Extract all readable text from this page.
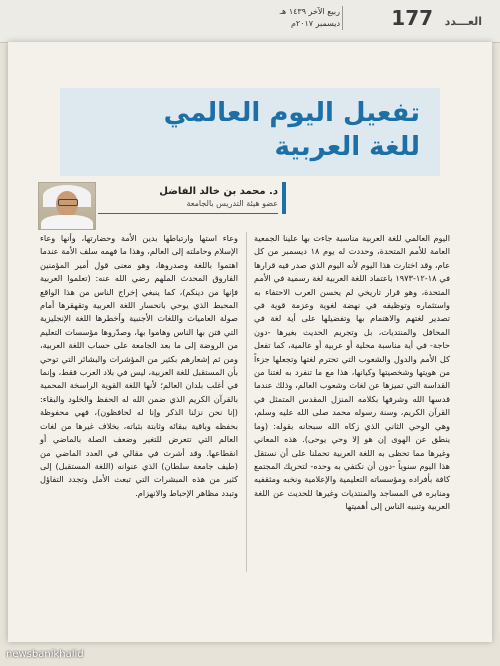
العـــدد 177
ربيع الآخر ١٤٣٩ هـ
ديسمبر ٢٠١٧م
تفعيل اليوم العالمي
للغة العربية
د. محمد بن خالد الفاضل
عضو هيئة التدريس بالجامعة

اليوم العالمي للغة العربية مناسبة جاءت بها علينا الجمعية العامة للأمم المتحدة، وحددت له يوم ١٨ ديسمبر من كل عام، وقد اختارت هذا اليوم لأنه اليوم الذي صدر فيه قرارها في ١٨-١٢-١٩٧٣ باعتماد اللغة العربية لغة رسمية في الأمم المتحدة، وهو قرار تاريخي لم يحسن العرب الاحتفاء به واستثماره وتوظيفه في نهضة لغوية وعزمة قوية في تصدير لغتهم والاهتمام بها وتفضيلها على أية لغة في المحافل والمنتديات، بل وتجريم الحديث بغيرها -دون حاجة- في أية مناسبة محلية أو عربية أو عالمية، كما تفعل كل الأمم والدول والشعوب التي تحترم لغتها وتجعلها جزءاً من هويتها وشخصيتها وكيانها، هذا مع ما تنفرد به لغتنا من القداسة التي تميزها عن لغات وشعوب العالم، وذلك عندما قدسها الله وشرفها بكلامه المنزل المقدس المتمثل في القرآن الكريم، وسنة رسوله محمد صلى الله عليه وسلم، وهي الوحي الثاني الذي زكاه الله سبحانه بقوله: (وما ينطق عن الهوى إن هو إلا وحي يوحى). هذه المعاني وغيرها مما تحظى به اللغة العربية تحملنا على أن نستقل هذا اليوم سنوياً -دون أن نكتفي به وحده- لتحريك المجتمع كافة بأفراده ومؤسساته التعليمية والإعلامية ونخبه ومثقفيه ومنابره في المساجد والمنتديات وغيرها للحديث عن اللغة العربية وتنبيه الناس إلى أهميتها

وعاء استها وارتباطها بدين الأمة وحضارتها، وأنها وعاء الإسلام وحاملته إلى العالم، وهذا ما فهمه سلف الأمة عندما اهتموا باللغة وصدروها، وهو معنى قول أمير المؤمنين الفاروق المحدث الملهم رضي الله عنه: (تعلموا العربية فإنها من دينكم)، كما ينبغي إخراج الناس من هذا الواقع المحبط الذي يوحي بانحسار اللغة العربية وتقهقرها أمام صولة العاميات واللغات الأجنبية وأخطرها اللغة الإنجليزية التي فتن بها الناس وهاموا بها، وصدّروها مؤسسات التعليم من الروضة إلى ما بعد الجامعة على حساب اللغة العربية، ومن ثم إشعارهم بكثير من المؤشرات والبشائر التي توحي بأن المستقبل للغة العربية، ليس في بلاد العرب فقط، وإنما في أغلب بلدان العالم؛ لأنها اللغة القوية الراسخة المحمية بالقرآن الكريم الذي ضمن الله له الحفظ والخلود والبقاء: (إنا نحن نزلنا الذكر وإنا له لحافظون)، فهي محفوظة بحفظه وباقية ببقائه وثابتة بثباته، بخلاف غيرها من لغات العالم التي تتعرض للتغير وضعف الصلة بالماضي أو انقطاعها. وقد أشرت في مقالي في العدد الماضي من (طيف جامعة سلطان) الذي عنوانه (اللغة المستقبل) إلى كثير من هذه المبشرات التي تبعث الأمل وتجدد التفاؤل وتبدد مظاهر الإحباط والانهزام.

newsbanikhalid
